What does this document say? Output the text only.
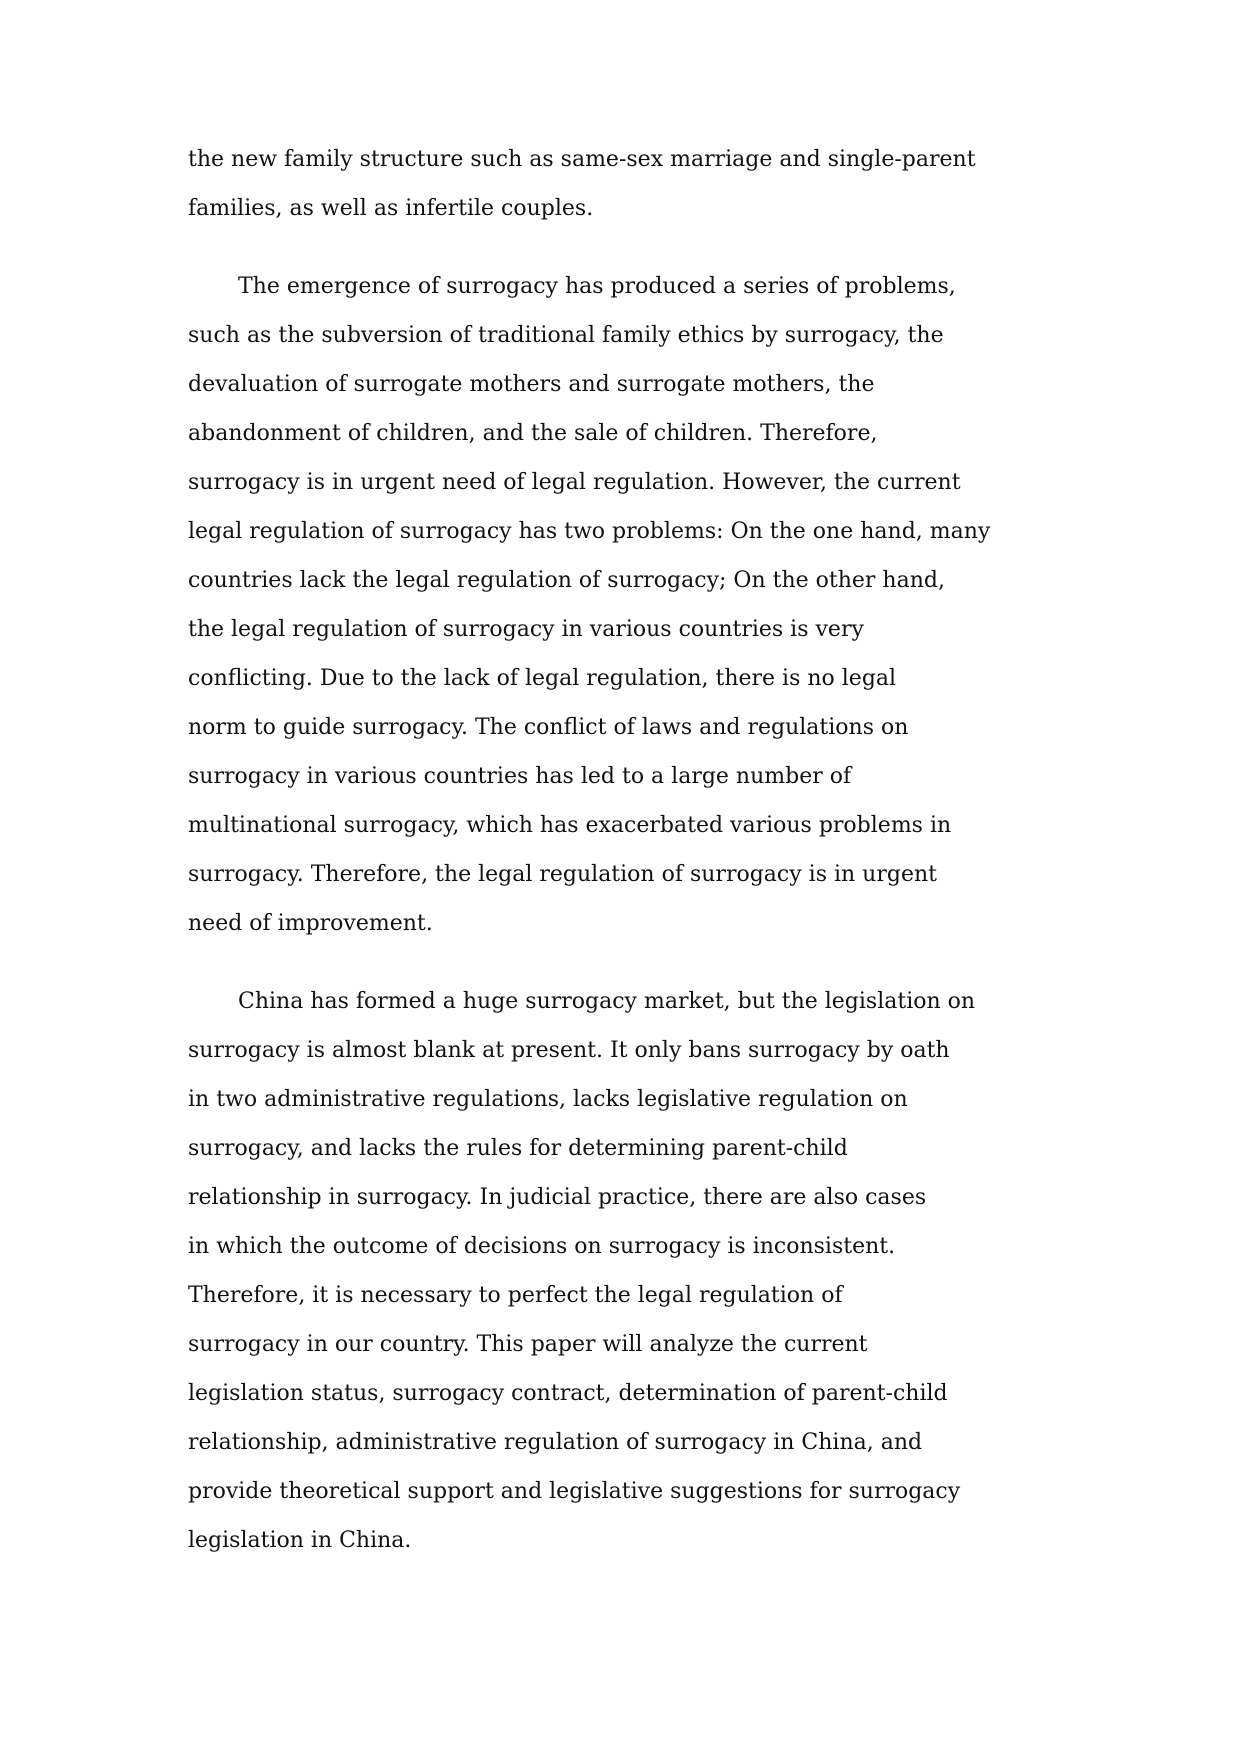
the new family structure such as same-sex marriage and single-parent
families, as well as infertile couples.
The emergence of surrogacy has produced a series of problems,
such as the subversion of traditional family ethics by surrogacy, the
devaluation of surrogate mothers and surrogate mothers, the
abandonment of children, and the sale of children. Therefore,
surrogacy is in urgent need of legal regulation. However, the current
legal regulation of surrogacy has two problems: On the one hand, many
countries lack the legal regulation of surrogacy; On the other hand,
the legal regulation of surrogacy in various countries is very
conflicting. Due to the lack of legal regulation, there is no legal
norm to guide surrogacy. The conflict of laws and regulations on
surrogacy in various countries has led to a large number of
multinational surrogacy, which has exacerbated various problems in
surrogacy. Therefore, the legal regulation of surrogacy is in urgent
need of improvement.
China has formed a huge surrogacy market, but the legislation on
surrogacy is almost blank at present. It only bans surrogacy by oath
in two administrative regulations, lacks legislative regulation on
surrogacy, and lacks the rules for determining parent-child
relationship in surrogacy. In judicial practice, there are also cases
in which the outcome of decisions on surrogacy is inconsistent.
Therefore, it is necessary to perfect the legal regulation of
surrogacy in our country. This paper will analyze the current
legislation status, surrogacy contract, determination of parent-child
relationship, administrative regulation of surrogacy in China, and
provide theoretical support and legislative suggestions for surrogacy
legislation in China.
